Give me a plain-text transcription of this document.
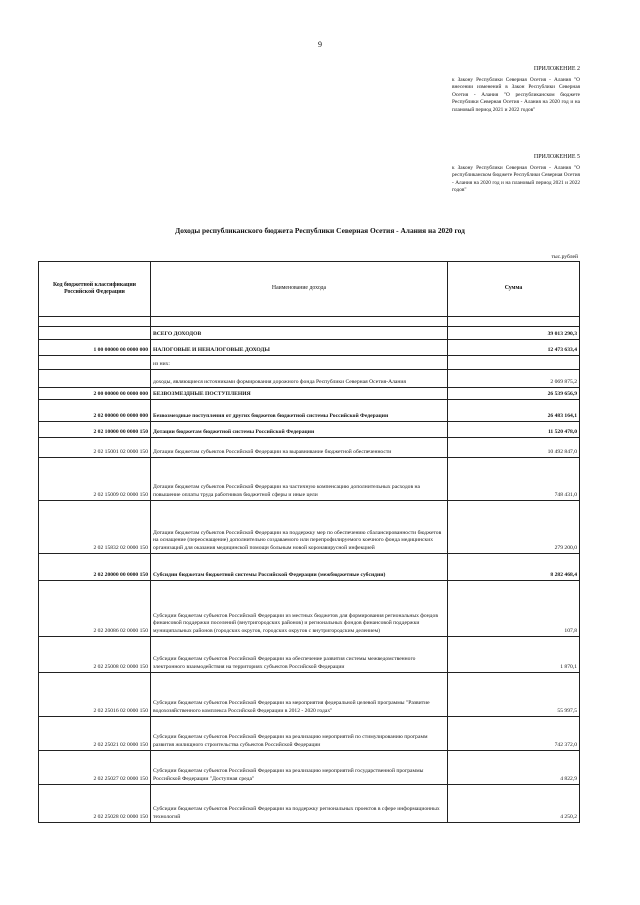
9
ПРИЛОЖЕНИЕ 2
к Закону Республики Северная Осетия - Алания "О внесении изменений в Закон Республики Северная Осетия - Алания "О республиканском бюджете Республики Северная Осетия - Алания на 2020 год и на плановый период 2021 и 2022 годов"
ПРИЛОЖЕНИЕ 5
к Закону Республики Северная Осетия - Алания "О республиканском бюджете Республики Северная Осетия - Алания на 2020 год и на плановый период 2021 и 2022 годов"
Доходы республиканского бюджета Республики Северная Осетия - Алания на 2020 год
тыс.рублей
Код бюджетной классификации Российской Федерации	Наименование дохода	Сумма

	ВСЕГО ДОХОДОВ	39 013 290,3
1 00 00000 00 0000 000	НАЛОГОВЫЕ И НЕНАЛОГОВЫЕ ДОХОДЫ	12 473 633,4
	из них:	
	доходы, являющиеся источниками формирования дорожного фонда Республики Северная Осетия-Алания	2 069 875,2
2 00 00000 00 0000 000	БЕЗВОЗМЕЗДНЫЕ ПОСТУПЛЕНИЯ	26 539 656,9
2 02 00000 00 0000 000	Безвозмездные поступления от других бюджетов бюджетной системы Российской Федерации	26 483 164,1
2 02 10000 00 0000 150	Дотации бюджетам бюджетной системы Российской Федерации	11 520 478,0
2 02 15001 02 0000 150	Дотации бюджетам субъектов Российской Федерации на выравнивание бюджетной обеспеченности	10 492 847,0
2 02 15009 02 0000 150	Дотации бюджетам субъектов Российской Федерации на частичную компенсацию дополнительных расходов на повышение оплаты труда работников бюджетной сферы и иные цели	748 431,0
2 02 15832 02 0000 150	Дотации бюджетам субъектов Российской Федерации на поддержку мер по обеспечению сбалансированности бюджетов на оснащение (переоснащение) дополнительно создаваемого или перепрофилируемого коечного фонда медицинских организаций для оказания медицинской помощи больным новой коронавирусной инфекцией	279 200,0
2 02 20000 00 0000 150	Субсидии бюджетам бюджетной системы Российской Федерации (межбюджетные субсидии)	8 282 468,4
2 02 20086 02 0000 150	Субсидии бюджетам субъектов Российской Федерации из местных бюджетов для формирования региональных фондов финансовой поддержки поселений (внутригородских районов) и региональных фондов финансовой поддержки муниципальных районов (городских округов, городских округов с внутригородским делением)	107,8
2 02 25008 02 0000 150	Субсидии бюджетам субъектов Российской Федерации на обеспечение развития системы межведомственного электронного взаимодействия на территориях субъектов Российской Федерации	1 870,1
2 02 25016 02 0000 150	Субсидии бюджетам субъектов Российской Федерации на мероприятия федеральной целевой программы "Развитие водохозяйственного комплекса Российской Федерации в 2012 - 2020 годах"	55 997,5
2 02 25021 02 0000 150	Субсидии бюджетам субъектов Российской Федерации на реализацию мероприятий по стимулированию программ развития жилищного строительства субъектов Российской Федерации	742 372,0
2 02 25027 02 0000 150	Субсидии бюджетам субъектов Российской Федерации на реализацию мероприятий государственной программы Российской Федерации "Доступная среда"	4 822,9
2 02 25028 02 0000 150	Субсидии бюджетам субъектов Российской Федерации на поддержку региональных проектов в сфере информационных технологий	4 250,2
